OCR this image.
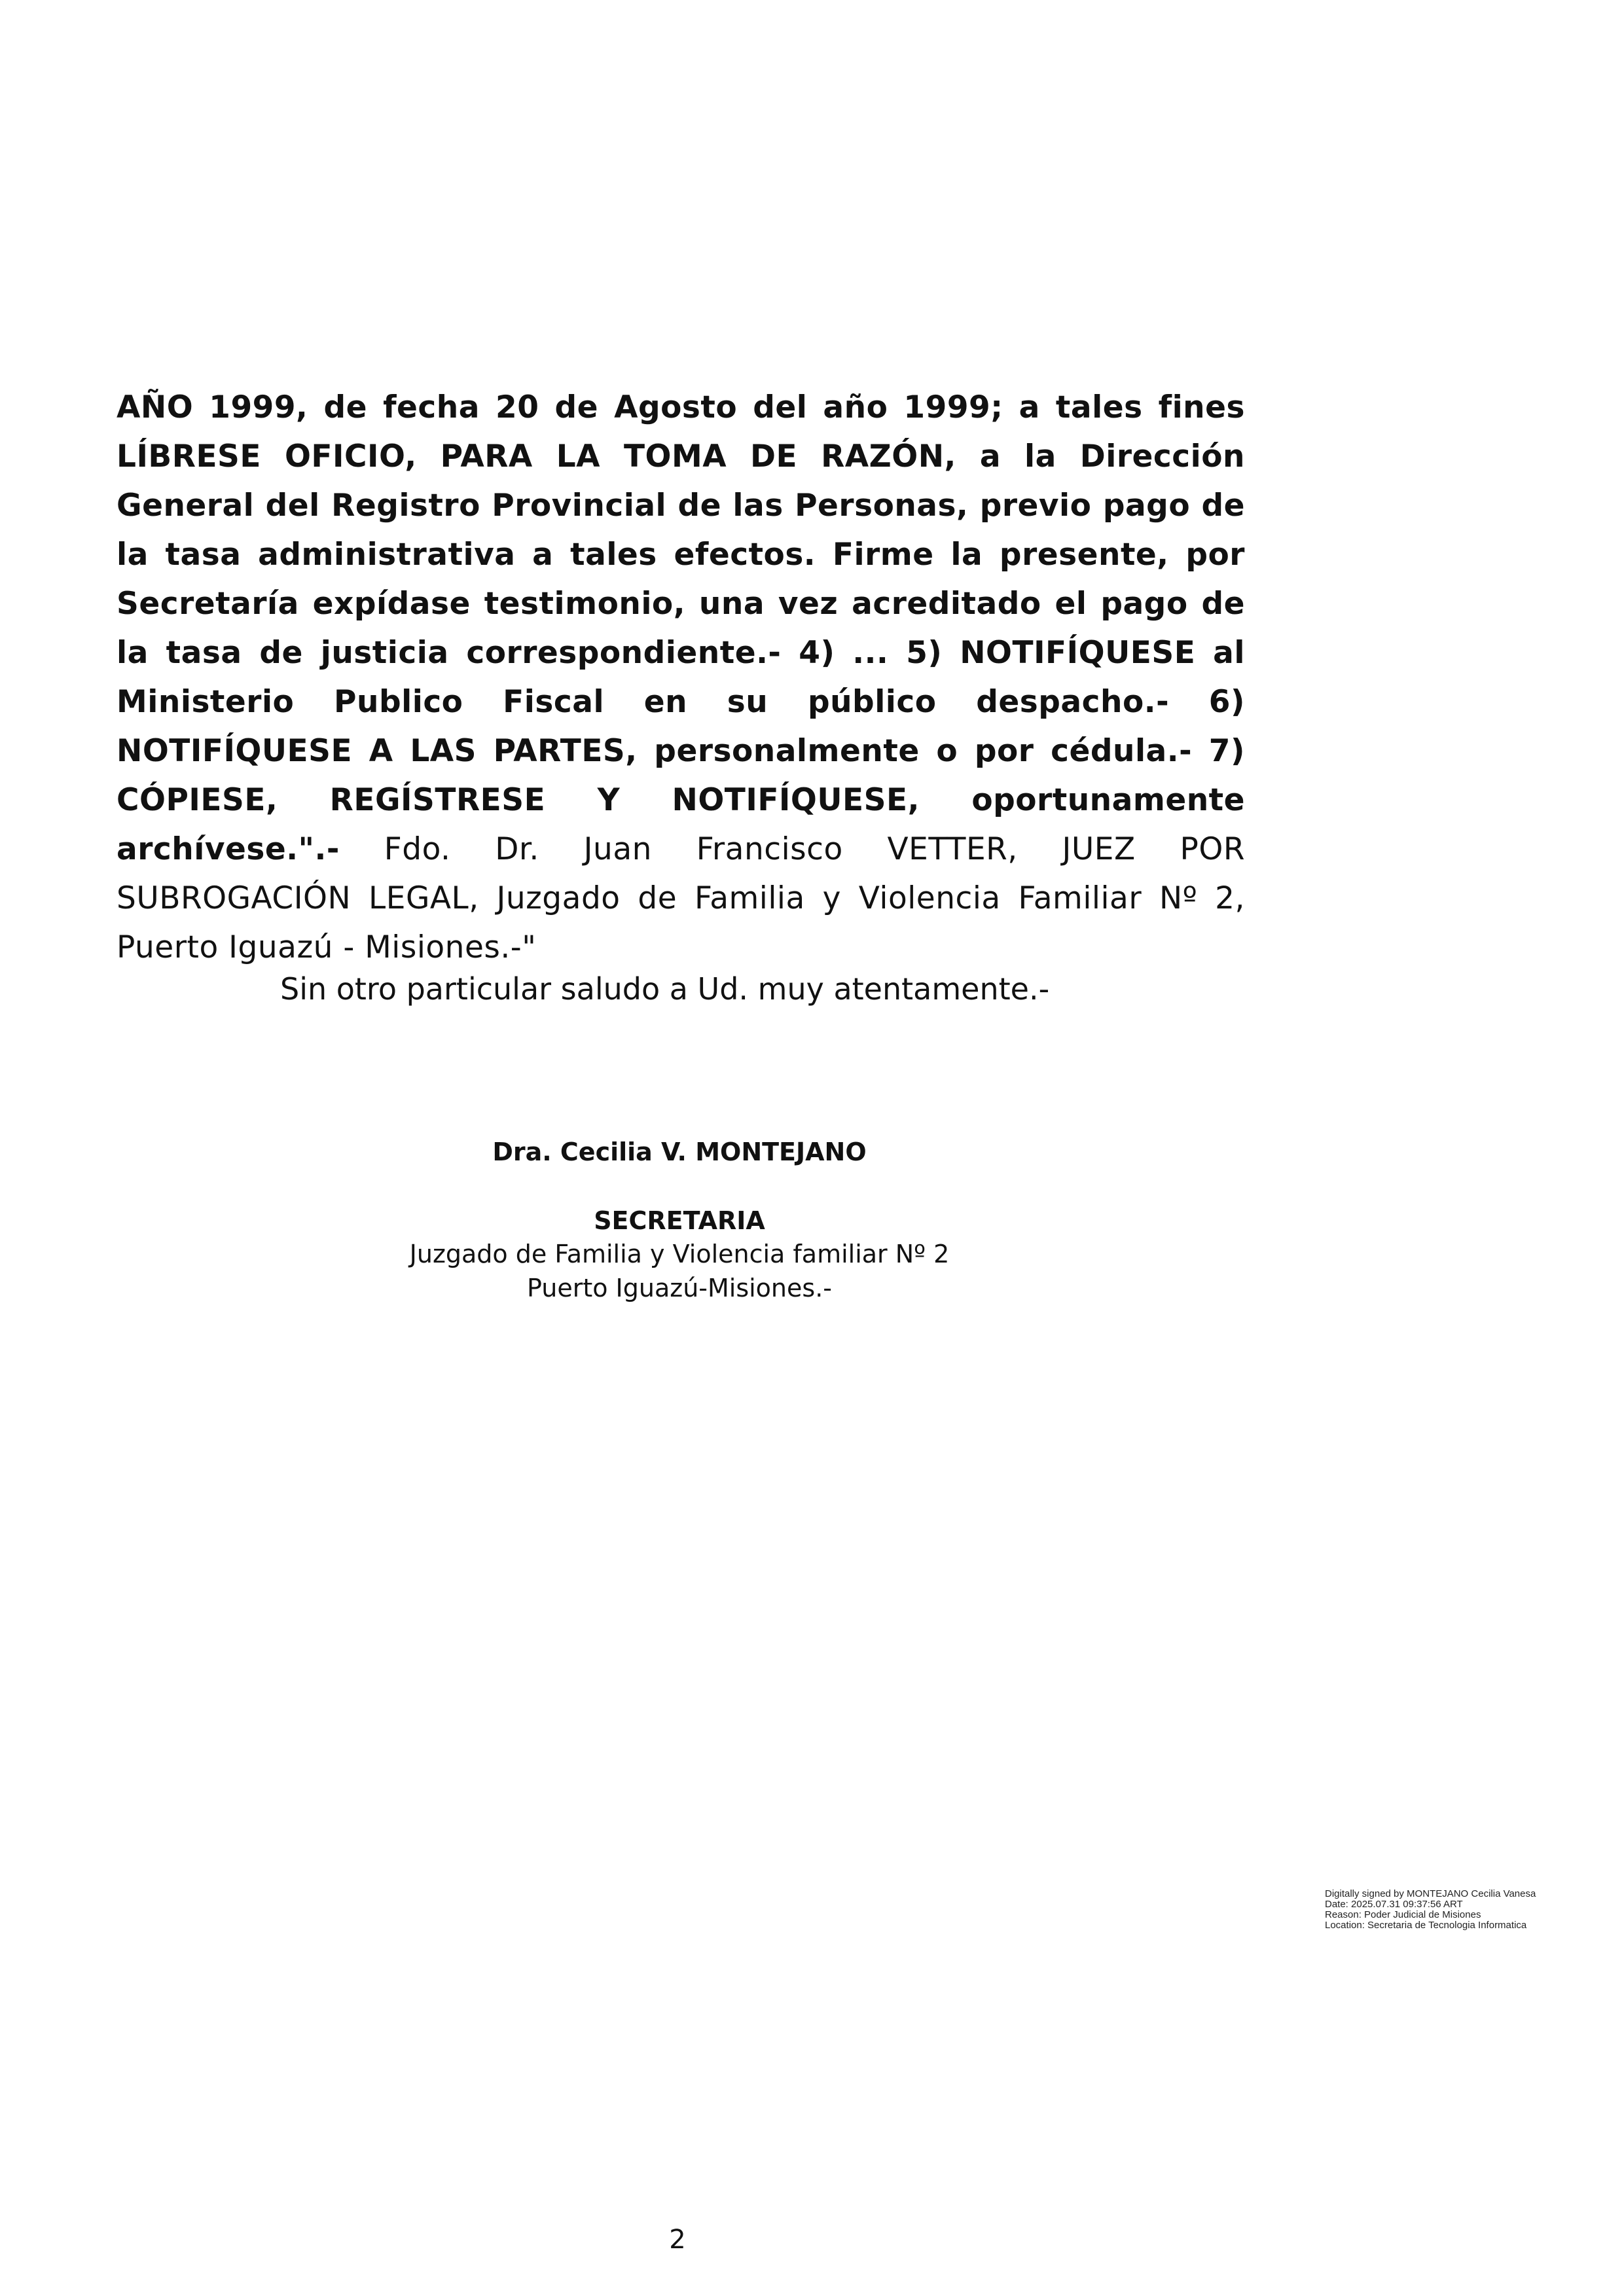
AÑO 1999, de fecha 20 de Agosto del año 1999; a tales fines LÍBRESE OFICIO, PARA LA TOMA DE RAZÓN, a la Dirección General del Registro Provincial de las Personas, previo pago de la tasa administrativa a tales efectos. Firme la presente, por Secretaría expídase testimonio, una vez acreditado el pago de la tasa de justicia correspondiente.- 4) ... 5) NOTIFÍQUESE al Ministerio Publico Fiscal en su público despacho.- 6) NOTIFÍQUESE A LAS PARTES, personalmente o por cédula.- 7) CÓPIESE, REGÍSTRESE Y NOTIFÍQUESE, oportunamente archívese.".- Fdo. Dr. Juan Francisco VETTER, JUEZ POR SUBROGACIÓN LEGAL, Juzgado de Familia y Violencia Familiar Nº 2, Puerto Iguazú - Misiones.-"

Sin otro particular saludo a Ud. muy atentamente.-

Dra. Cecilia V. MONTEJANO

SECRETARIA

Juzgado de Familia y Violencia familiar Nº 2

Puerto Iguazú-Misiones.-

Digitally signed by MONTEJANO Cecilia Vanesa
Date: 2025.07.31 09:37:56 ART
Reason: Poder Judicial de Misiones
Location: Secretaria de Tecnologia Informatica
2
